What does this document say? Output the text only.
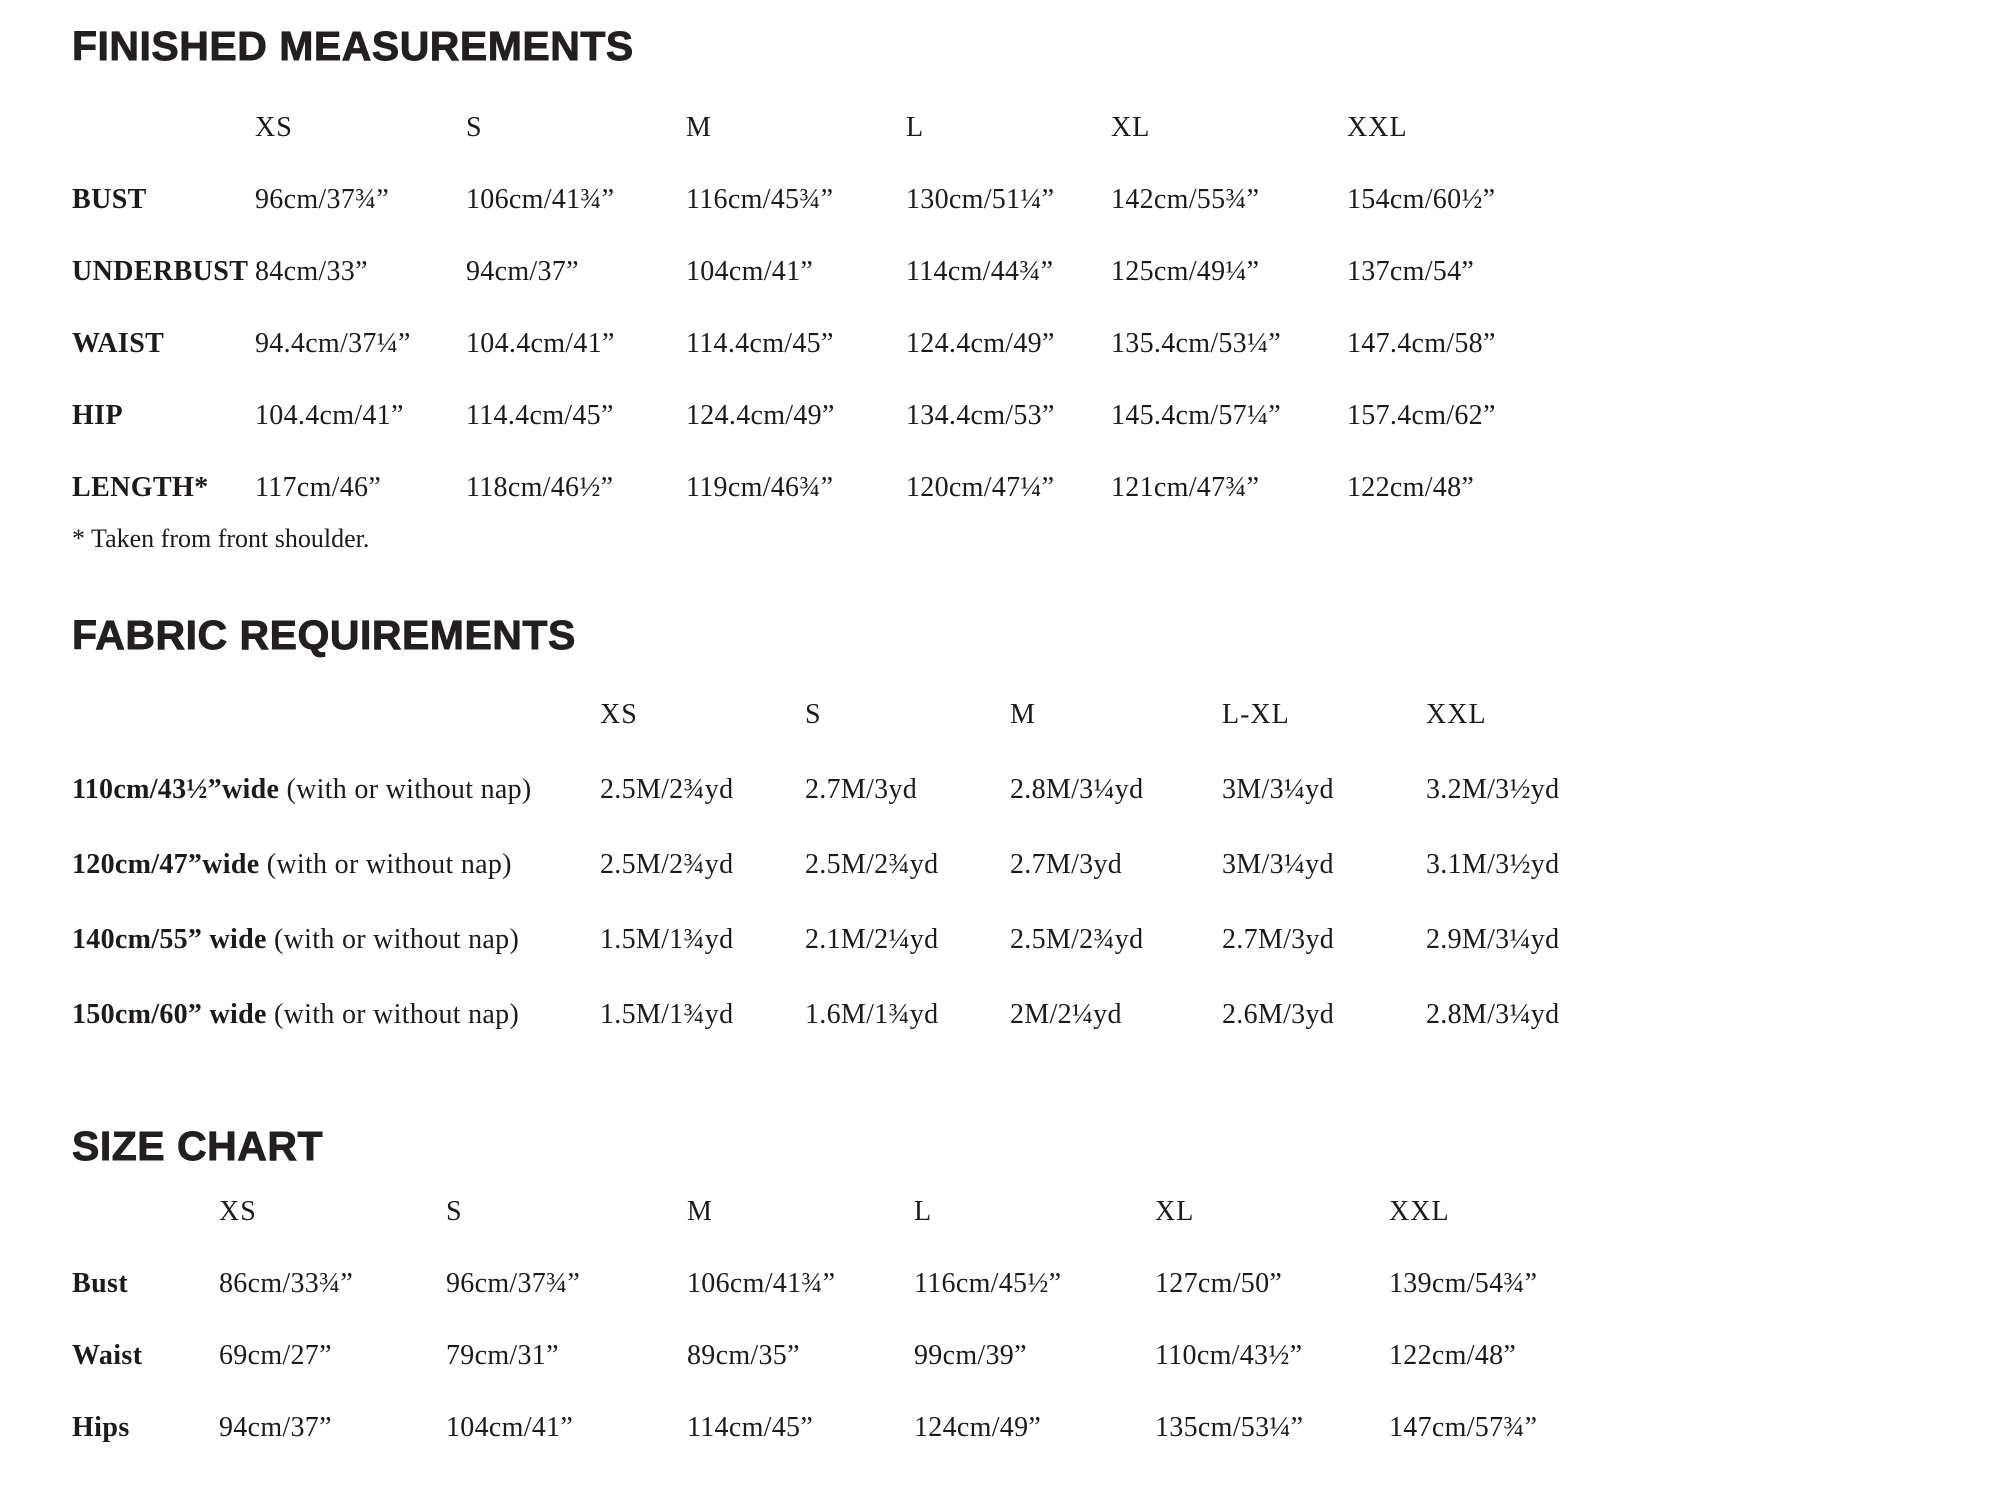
FINISHED MEASUREMENTS
XS	S	M	L	XL	XXL
BUST	96cm/37¾”	106cm/41¾”	116cm/45¾”	130cm/51¼”	142cm/55¾”	154cm/60½”
UNDERBUST 84cm/33”	94cm/37”	104cm/41”	114cm/44¾”	125cm/49¼”	137cm/54”
WAIST	94.4cm/37¼”	104.4cm/41”	114.4cm/45”	124.4cm/49”	135.4cm/53¼”	147.4cm/58”
HIP	104.4cm/41”	114.4cm/45”	124.4cm/49”	134.4cm/53”	145.4cm/57¼”	157.4cm/62”
LENGTH*	117cm/46”	118cm/46½”	119cm/46¾”	120cm/47¼”	121cm/47¾”	122cm/48”

* Taken from front shoulder.

FABRIC REQUIREMENTS
XS	S	M	L-XL	XXL
110cm/43½”wide (with or without nap)	2.5M/2¾yd	2.7M/3yd	2.8M/3¼yd	3M/3¼yd	3.2M/3½yd
120cm/47”wide (with or without nap)	2.5M/2¾yd	2.5M/2¾yd	2.7M/3yd	3M/3¼yd	3.1M/3½yd
140cm/55” wide (with or without nap)	1.5M/1¾yd	2.1M/2¼yd	2.5M/2¾yd	2.7M/3yd	2.9M/3¼yd
150cm/60” wide (with or without nap)	1.5M/1¾yd	1.6M/1¾yd	2M/2¼yd	2.6M/3yd	2.8M/3¼yd
SIZE CHART
XS	S	M	L	XL	XXL
Bust	86cm/33¾”	96cm/37¾”	106cm/41¾”	116cm/45½”	127cm/50”	139cm/54¾”
Waist	69cm/27”	79cm/31”	89cm/35”	99cm/39”	110cm/43½”	122cm/48”
Hips	94cm/37”	104cm/41”	114cm/45”	124cm/49”	135cm/53¼”	147cm/57¾”
